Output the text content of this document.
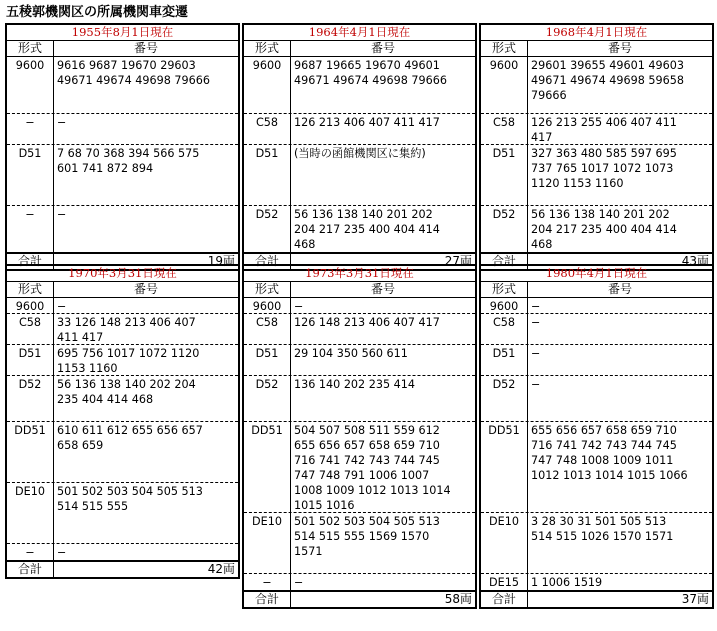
五稜郭機関区の所属機関車変遷
1955年8月1日現在
形式	番号
9600	9616 9687 19670 29603
49671 49674 49698 79666
−	−
D51	7 68 70 368 394 566 575
601 741 872 894
−	−
合計	19両
1964年4月1日現在
形式	番号
9600	9687 19665 19670 49601
49671 49674 49698 79666
C58	126 213 406 407 411 417
D51	(当時の函館機関区に集約)
D52	56 136 138 140 201 202
204 217 235 400 404 414
468
合計	27両
1968年4月1日現在
形式	番号
9600	29601 39655 49601 49603
49671 49674 49698 59658
79666
C58	126 213 255 406 407 411
417
D51	327 363 480 585 597 695
737 765 1017 1072 1073
1120 1153 1160
D52	56 136 138 140 201 202
204 217 235 400 404 414
468
合計	43両
1970年3月31日現在
形式	番号
9600	−
C58	33 126 148 213 406 407
411 417
D51	695 756 1017 1072 1120
1153 1160
D52	56 136 138 140 202 204
235 404 414 468
DD51	610 611 612 655 656 657
658 659
DE10	501 502 503 504 505 513
514 515 555
−	−
合計	42両
1973年3月31日現在
形式	番号
9600	−
C58	126 148 213 406 407 417
D51	29 104 350 560 611
D52	136 140 202 235 414
DD51	504 507 508 511 559 612
655 656 657 658 659 710
716 741 742 743 744 745
747 748 791 1006 1007
1008 1009 1012 1013 1014
1015 1016
DE10	501 502 503 504 505 513
514 515 555 1569 1570
1571
−	−
合計	58両
1980年4月1日現在
形式	番号
9600	−
C58	−
D51	−
D52	−
DD51	655 656 657 658 659 710
716 741 742 743 744 745
747 748 1008 1009 1011
1012 1013 1014 1015 1066
DE10	3 28 30 31 501 505 513
514 515 1026 1570 1571
DE15	1 1006 1519
合計	37両
